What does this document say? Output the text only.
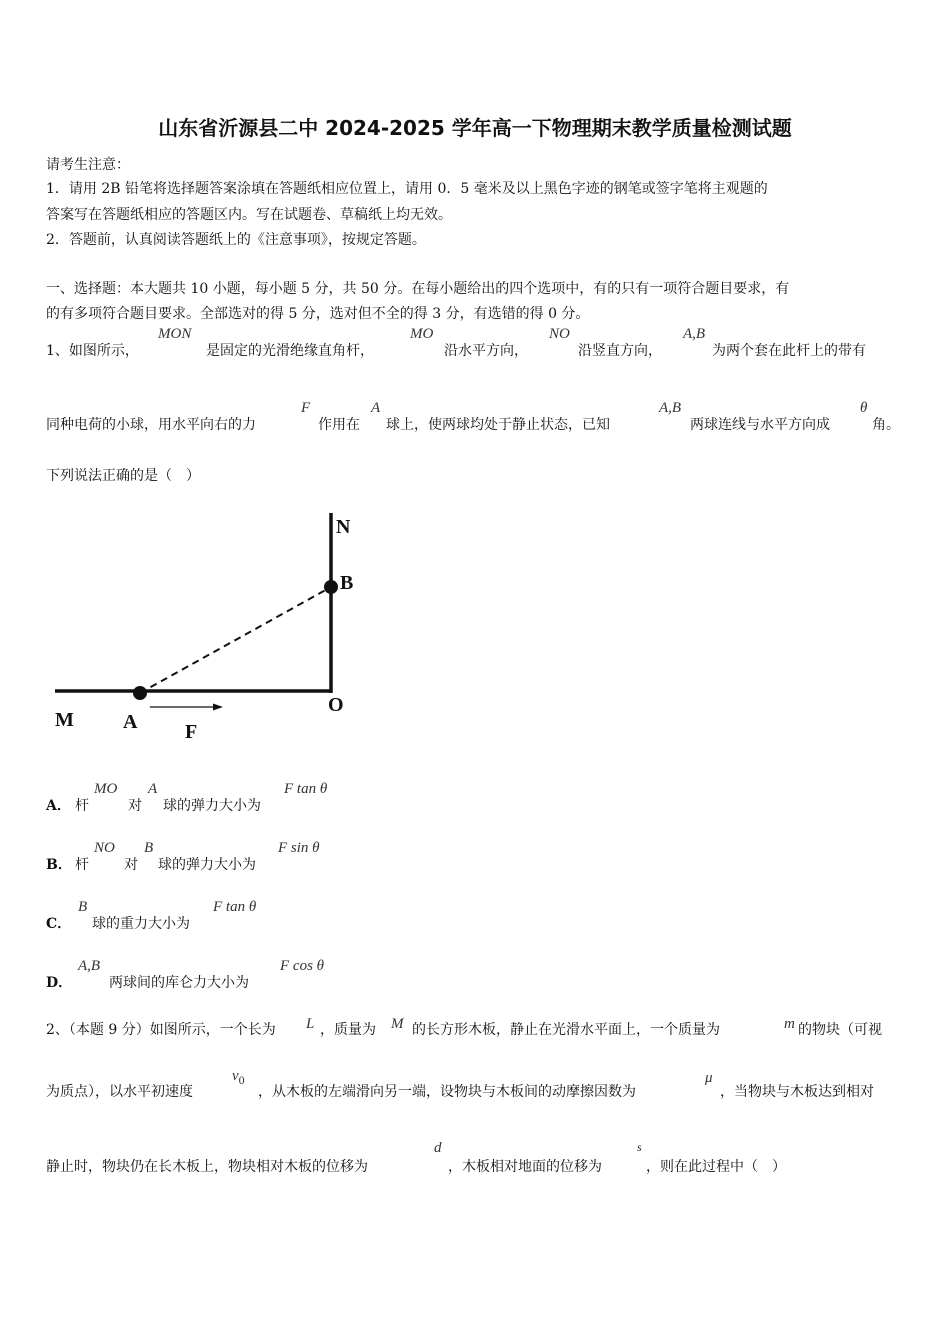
山东省沂源县二中 2024-2025 学年高一下物理期末教学质量检测试题
请考生注意：
1．请用 2B 铅笔将选择题答案涂填在答题纸相应位置上，请用 0．5 毫米及以上黑色字迹的钢笔或签字笔将主观题的
答案写在答题纸相应的答题区内。写在试题卷、草稿纸上均无效。
2．答题前，认真阅读答题纸上的《注意事项》，按规定答题。
一、选择题：本大题共 10 小题，每小题 5 分，共 50 分。在每小题给出的四个选项中，有的只有一项符合题目要求，有
的有多项符合题目要求。全部选对的得 5 分，选对但不全的得 3 分，有选错的得 0 分。
1、如图所示，
MON
是固定的光滑绝缘直角杆，
MO
沿水平方向，
NO
沿竖直方向，
A,B
为两个套在此杆上的带有
同种电荷的小球，用水平向右的力
F
作用在
A
球上，使两球均处于静止状态，已知
A,B
两球连线与水平方向成
θ
角。
下列说法正确的是（　）
N
B
O
M A F
A． 杆
MO
对
A
球的弹力大小为
F tan θ
B． 杆
NO
对
B
球的弹力大小为
F sin θ
C．
B
球的重力大小为
F tan θ
D．
A,B
两球间的库仑力大小为
F cos θ
2、（本题 9 分）如图所示，一个长为 L ，质量为 M 的长方形木板，静止在光滑水平面上，一个质量为	m 的物块（可视
为质点），以水平初速度
$v_0$
，从木板的左端滑向另一端，设物块与木板间的动摩擦因数为
μ
，当物块与木板达到相对
静止时，物块仍在长木板上，物块相对木板的位移为
d
，木板相对地面的位移为
s
，则在此过程中（　）
